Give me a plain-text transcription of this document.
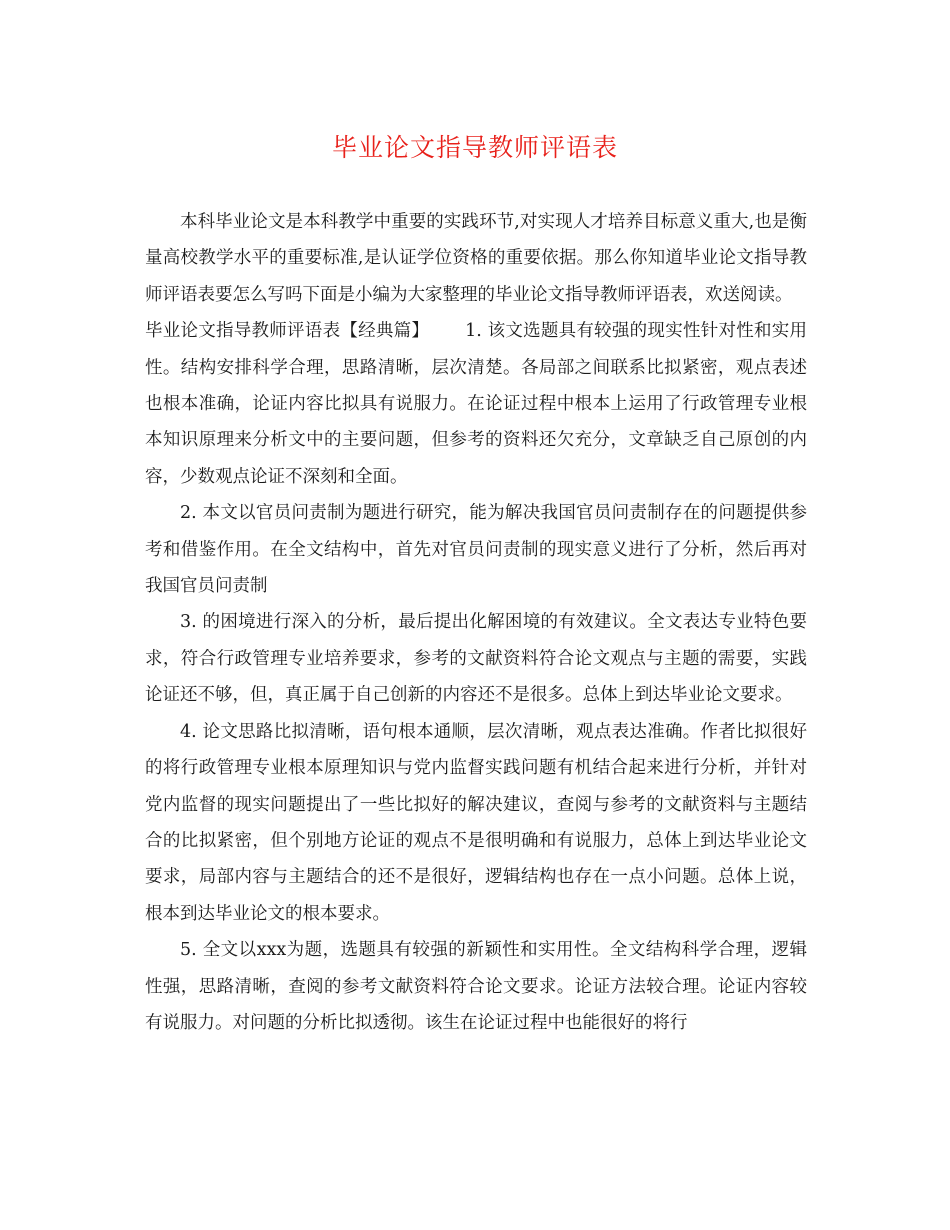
毕业论文指导教师评语表

本科毕业论文是本科教学中重要的实践环节,对实现人才培养目标意义重大,也是衡量高校教学水平的重要标准,是认证学位资格的重要依据。那么你知道毕业论文指导教师评语表要怎么写吗下面是小编为大家整理的毕业论文指导教师评语表，欢送阅读。

毕业论文指导教师评语表【经典篇】 1. 该文选题具有较强的现实性针对性和实用性。结构安排科学合理，思路清晰，层次清楚。各局部之间联系比拟紧密，观点表述也根本准确，论证内容比拟具有说服力。在论证过程中根本上运用了行政管理专业根本知识原理来分析文中的主要问题，但参考的资料还欠充分，文章缺乏自己原创的内容，少数观点论证不深刻和全面。

2. 本文以官员问责制为题进行研究，能为解决我国官员问责制存在的问题提供参考和借鉴作用。在全文结构中，首先对官员问责制的现实意义进行了分析，然后再对我国官员问责制

3. 的困境进行深入的分析，最后提出化解困境的有效建议。全文表达专业特色要求，符合行政管理专业培养要求，参考的文献资料符合论文观点与主题的需要，实践论证还不够，但，真正属于自己创新的内容还不是很多。总体上到达毕业论文要求。

4. 论文思路比拟清晰，语句根本通顺，层次清晰，观点表达准确。作者比拟很好的将行政管理专业根本原理知识与党内监督实践问题有机结合起来进行分析，并针对党内监督的现实问题提出了一些比拟好的解决建议，查阅与参考的文献资料与主题结合的比拟紧密，但个别地方论证的观点不是很明确和有说服力，总体上到达毕业论文要求，局部内容与主题结合的还不是很好，逻辑结构也存在一点小问题。总体上说，根本到达毕业论文的根本要求。

5. 全文以xxx为题，选题具有较强的新颖性和实用性。全文结构科学合理，逻辑性强，思路清晰，查阅的参考文献资料符合论文要求。论证方法较合理。论证内容较有说服力。对问题的分析比拟透彻。该生在论证过程中也能很好的将行
